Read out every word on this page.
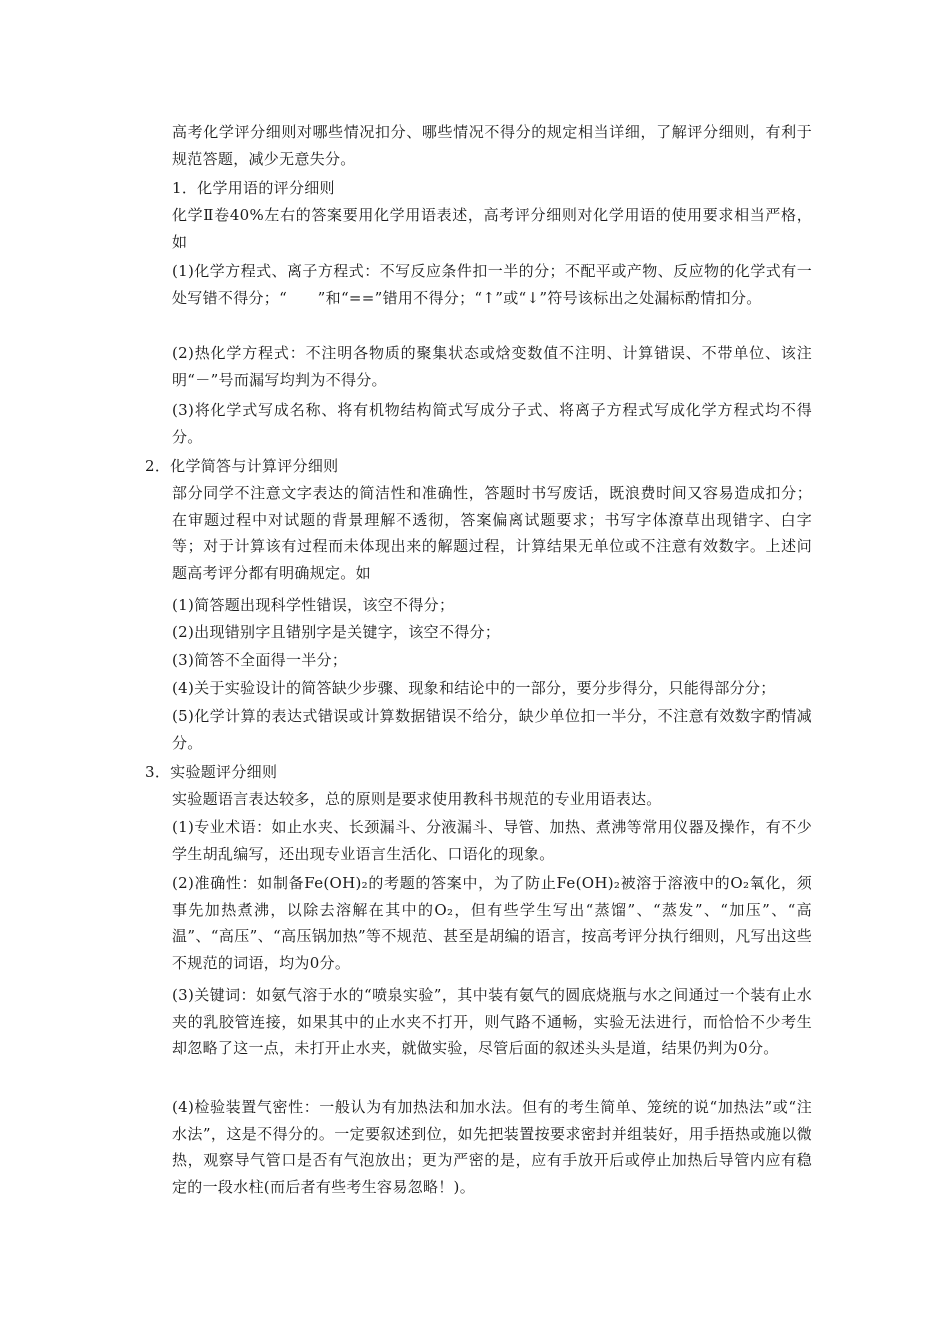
高考化学评分细则对哪些情况扣分、哪些情况不得分的规定相当详细，了解评分细则，有利于规范答题，减少无意失分。

1．化学用语的评分细则

化学Ⅱ卷40%左右的答案要用化学用语表述，高考评分细则对化学用语的使用要求相当严格，如

(1)化学方程式、离子方程式：不写反应条件扣一半的分；不配平或产物、反应物的化学式有一处写错不得分；“　　”和“==”错用不得分；“↑”或“↓”符号该标出之处漏标酌情扣分。

(2)热化学方程式：不注明各物质的聚集状态或焓变数值不注明、计算错误、不带单位、该注明“－”号而漏写均判为不得分。

(3)将化学式写成名称、将有机物结构简式写成分子式、将离子方程式写成化学方程式均不得分。

2．化学简答与计算评分细则

部分同学不注意文字表达的简洁性和准确性，答题时书写废话，既浪费时间又容易造成扣分；在审题过程中对试题的背景理解不透彻，答案偏离试题要求；书写字体潦草出现错字、白字等；对于计算该有过程而未体现出来的解题过程，计算结果无单位或不注意有效数字。上述问题高考评分都有明确规定。如

(1)简答题出现科学性错误，该空不得分；

(2)出现错别字且错别字是关键字，该空不得分；

(3)简答不全面得一半分；

(4)关于实验设计的简答缺少步骤、现象和结论中的一部分，要分步得分，只能得部分分；

(5)化学计算的表达式错误或计算数据错误不给分，缺少单位扣一半分，不注意有效数字酌情减分。

3．实验题评分细则

实验题语言表达较多，总的原则是要求使用教科书规范的专业用语表达。

(1)专业术语：如止水夹、长颈漏斗、分液漏斗、导管、加热、煮沸等常用仪器及操作，有不少学生胡乱编写，还出现专业语言生活化、口语化的现象。

(2)准确性：如制备Fe(OH)₂的考题的答案中，为了防止Fe(OH)₂被溶于溶液中的O₂氧化，须事先加热煮沸，以除去溶解在其中的O₂，但有些学生写出“蒸馏”、“蒸发”、“加压”、“高温”、“高压”、“高压锅加热”等不规范、甚至是胡编的语言，按高考评分执行细则，凡写出这些不规范的词语，均为0分。

(3)关键词：如氨气溶于水的“喷泉实验”，其中装有氨气的圆底烧瓶与水之间通过一个装有止水夹的乳胶管连接，如果其中的止水夹不打开，则气路不通畅，实验无法进行，而恰恰不少考生却忽略了这一点，未打开止水夹，就做实验，尽管后面的叙述头头是道，结果仍判为0分。

(4)检验装置气密性：一般认为有加热法和加水法。但有的考生简单、笼统的说“加热法”或“注水法”，这是不得分的。一定要叙述到位，如先把装置按要求密封并组装好，用手捂热或施以微热，观察导气管口是否有气泡放出；更为严密的是，应有手放开后或停止加热后导管内应有稳定的一段水柱(而后者有些考生容易忽略！)。
